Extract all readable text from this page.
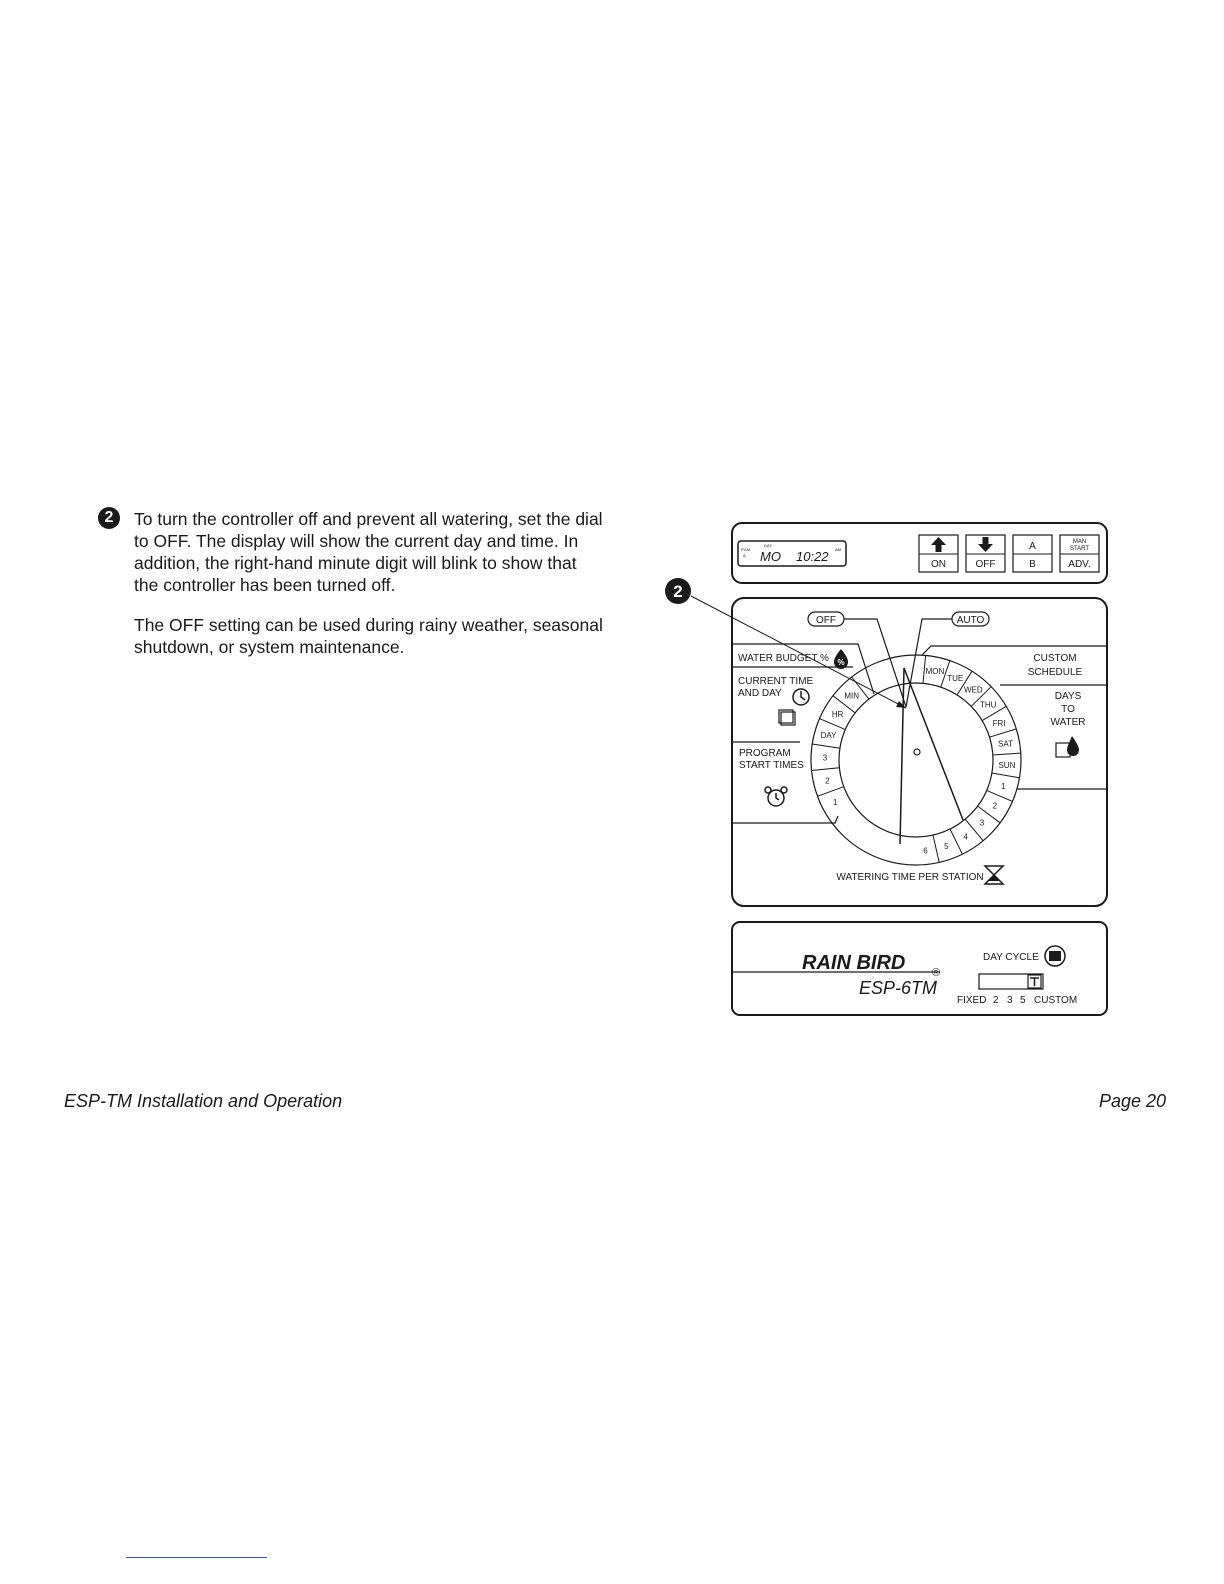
2	To turn the controller off and prevent all watering, set the dial to OFF. The display will show the current day and time. In addition, the right-hand minute digit will blink to show that the controller has been turned off.

The OFF setting can be used during rainy weather, seasonal shutdown, or system maintenance.

PGM
A
DAY
MO 10:22 AM
ON	OFF
A
B
MAN
START
ADV.
2
OFF	AUTO
WATER BUDGET % %
CURRENT TIME
AND DAY
PROGRAM
START TIMES
CUSTOM
SCHEDULE
DAYS
TO
WATER
MON
TUE
WED
THU
FRI
SAT
SUN
1
2
3
4
5
6
MIN
HR
DAY
3
2
1
WATERING TIME PER STATION
RAIN BIRD ®
ESP-6TM
DAY CYCLE
FIXED 2 3 5 CUSTOM
ESP-TM Installation and Operation	Page 20
